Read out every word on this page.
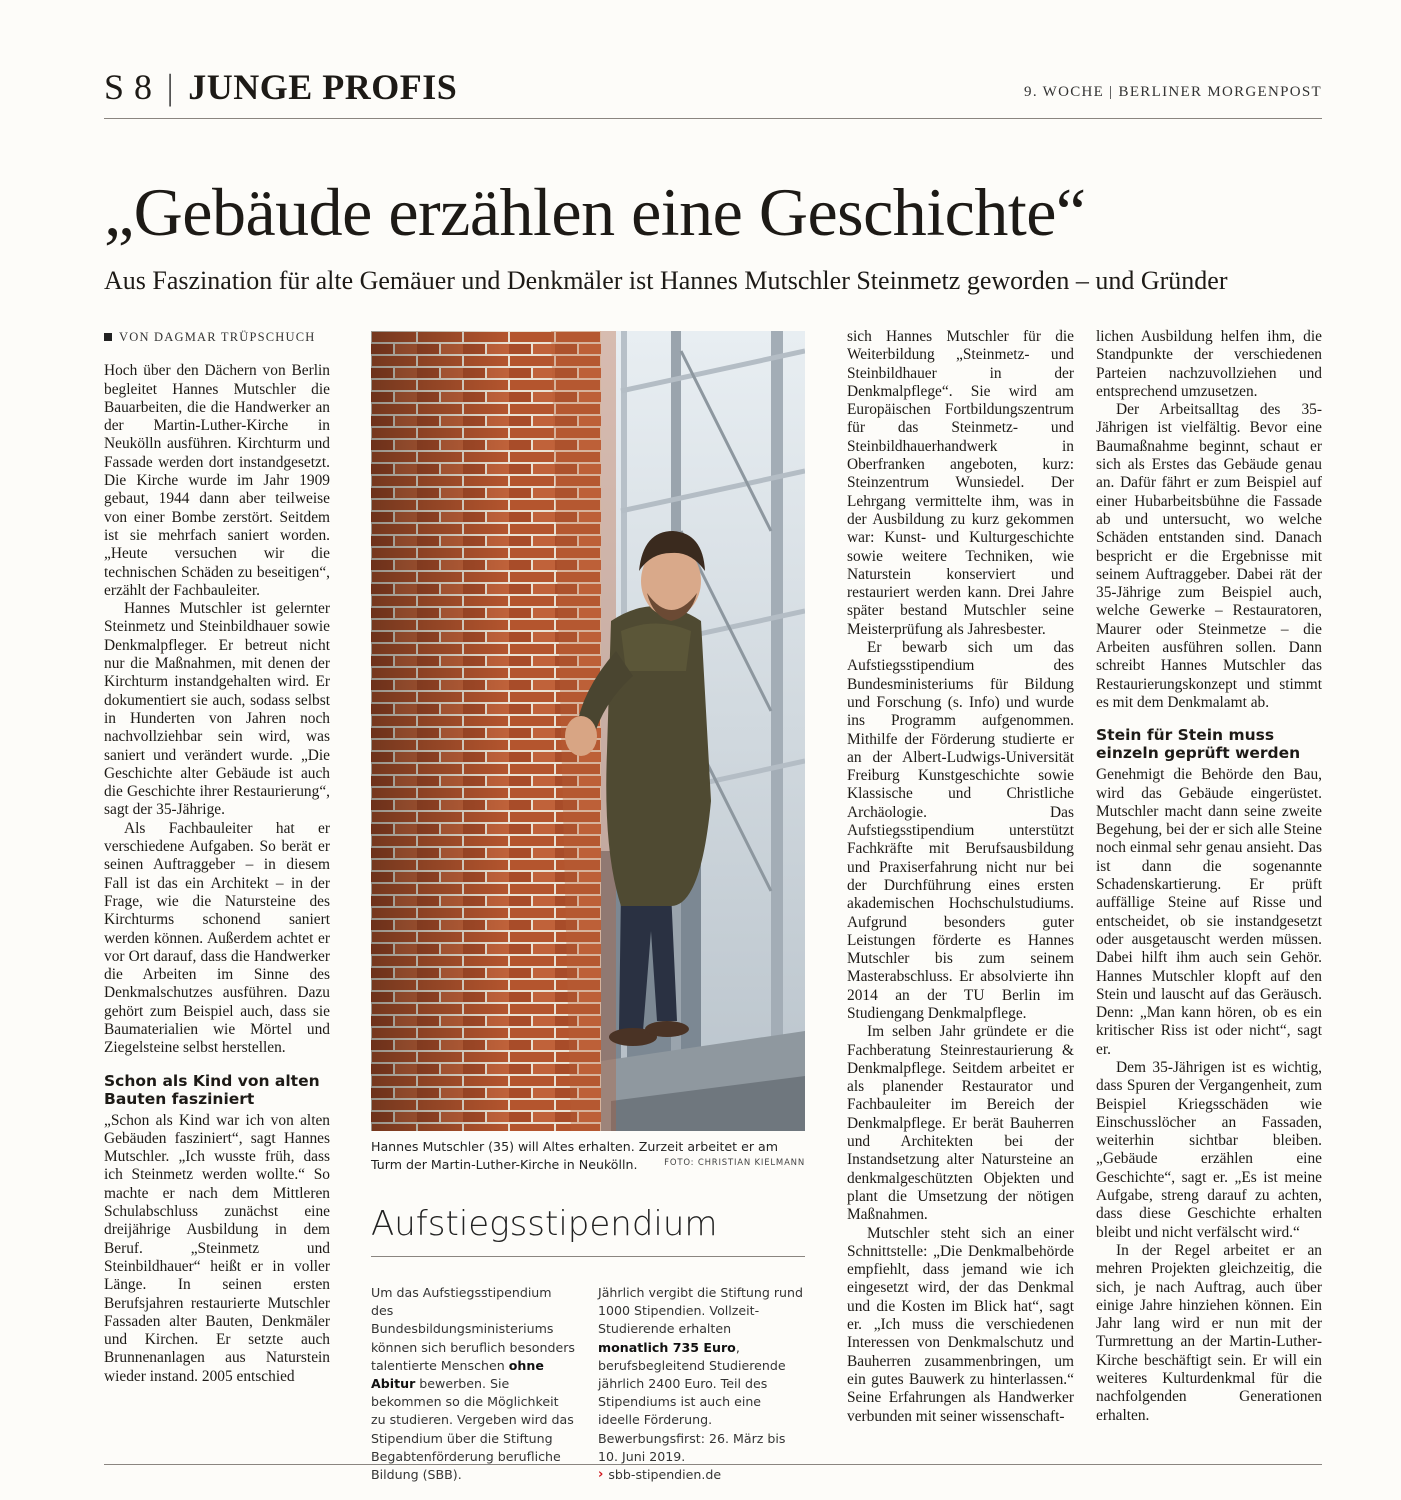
S 8 | JUNGE PROFIS	9. WOCHE | BERLINER MORGENPOST
„Gebäude erzählen eine Geschichte“
Aus Faszination für alte Gemäuer und Denkmäler ist Hannes Mutschler Steinmetz geworden – und Gründer
VON DAGMAR TRÜPSCHUCH

Hoch über den Dächern von Berlin begleitet Hannes Mutschler die Bauarbeiten, die die Handwerker an der Martin-Luther-Kirche in Neukölln ausführen. Kirchturm und Fassade werden dort instandgesetzt. Die Kirche wurde im Jahr 1909 gebaut, 1944 dann aber teilweise von einer Bombe zerstört. Seitdem ist sie mehrfach saniert worden. „Heute versuchen wir die technischen Schäden zu beseitigen“, erzählt der Fachbauleiter.

Hannes Mutschler ist gelernter Steinmetz und Steinbildhauer sowie Denkmalpfleger. Er betreut nicht nur die Maßnahmen, mit denen der Kirchturm instandgehalten wird. Er dokumentiert sie auch, sodass selbst in Hunderten von Jahren noch nachvollziehbar sein wird, was saniert und verändert wurde. „Die Geschichte alter Gebäude ist auch die Geschichte ihrer Restaurierung“, sagt der 35-Jährige.

Als Fachbauleiter hat er verschiedene Aufgaben. So berät er seinen Auftraggeber – in diesem Fall ist das ein Architekt – in der Frage, wie die Natursteine des Kirchturms schonend saniert werden können. Außerdem achtet er vor Ort darauf, dass die Handwerker die Arbeiten im Sinne des Denkmalschutzes ausführen. Dazu gehört zum Beispiel auch, dass sie Baumaterialien wie Mörtel und Ziegelsteine selbst herstellen.

Schon als Kind von alten Bauten fasziniert

„Schon als Kind war ich von alten Gebäuden fasziniert“, sagt Hannes Mutschler. „Ich wusste früh, dass ich Steinmetz werden wollte.“ So machte er nach dem Mittleren Schulabschluss zunächst eine dreijährige Ausbildung in dem Beruf. „Steinmetz und Steinbildhauer“ heißt er in voller Länge. In seinen ersten Berufsjahren restaurierte Mutschler Fassaden alter Bauten, Denkmäler und Kirchen. Er setzte auch Brunnenanlagen aus Naturstein wieder instand. 2005 entschied

Hannes Mutschler (35) will Altes erhalten. Zurzeit arbeitet er am Turm der Martin-Luther-Kirche in Neukölln.	FOTO: CHRISTIAN KIELMANN
Aufstiegsstipendium
Um das Aufstiegsstipendium des Bundesbildungsministeriums können sich beruflich besonders talentierte Menschen ohne Abitur bewerben. Sie bekommen so die Möglichkeit zu studieren. Vergeben wird das Stipendium über die Stiftung Begabtenförderung berufliche Bildung (SBB).
Jährlich vergibt die Stiftung rund 1000 Stipendien. Vollzeit-Studierende erhalten monatlich 735 Euro, berufsbegleitend Studierende jährlich 2400 Euro. Teil des Stipendiums ist auch eine ideelle Förderung. Bewerbungsfirst: 26. März bis 10. Juni 2019.
› sbb-stipendien.de

sich Hannes Mutschler für die Weiterbildung „Steinmetz- und Steinbildhauer in der Denkmalpflege“. Sie wird am Europäischen Fortbildungszentrum für das Steinmetz- und Steinbildhauerhandwerk in Oberfranken angeboten, kurz: Steinzentrum Wunsiedel. Der Lehrgang vermittelte ihm, was in der Ausbildung zu kurz gekommen war: Kunst- und Kulturgeschichte sowie weitere Techniken, wie Naturstein konserviert und restauriert werden kann. Drei Jahre später bestand Mutschler seine Meisterprüfung als Jahresbester.

Er bewarb sich um das Aufstiegsstipendium des Bundesministeriums für Bildung und Forschung (s. Info) und wurde ins Programm aufgenommen. Mithilfe der Förderung studierte er an der Albert-Ludwigs-Universität Freiburg Kunstgeschichte sowie Klassische und Christliche Archäologie. Das Aufstiegsstipendium unterstützt Fachkräfte mit Berufsausbildung und Praxiserfahrung nicht nur bei der Durchführung eines ersten akademischen Hochschulstudiums. Aufgrund besonders guter Leistungen förderte es Hannes Mutschler bis zum seinem Masterabschluss. Er absolvierte ihn 2014 an der TU Berlin im Studiengang Denkmalpflege.

Im selben Jahr gründete er die Fachberatung Steinrestaurierung & Denkmalpflege. Seitdem arbeitet er als planender Restaurator und Fachbauleiter im Bereich der Denkmalpflege. Er berät Bauherren und Architekten bei der Instandsetzung alter Natursteine an denkmalgeschützten Objekten und plant die Umsetzung der nötigen Maßnahmen.

Mutschler steht sich an einer Schnittstelle: „Die Denkmalbehörde empfiehlt, dass jemand wie ich eingesetzt wird, der das Denkmal und die Kosten im Blick hat“, sagt er. „Ich muss die verschiedenen Interessen von Denkmalschutz und Bauherren zusammenbringen, um ein gutes Bauwerk zu hinterlassen.“ Seine Erfahrungen als Handwerker verbunden mit seiner wissenschaft-

lichen Ausbildung helfen ihm, die Standpunkte der verschiedenen Parteien nachzuvollziehen und entsprechend umzusetzen.

Der Arbeitsalltag des 35-Jährigen ist vielfältig. Bevor eine Baumaßnahme beginnt, schaut er sich als Erstes das Gebäude genau an. Dafür fährt er zum Beispiel auf einer Hubarbeitsbühne die Fassade ab und untersucht, wo welche Schäden entstanden sind. Danach bespricht er die Ergebnisse mit seinem Auftraggeber. Dabei rät der 35-Jährige zum Beispiel auch, welche Gewerke – Restauratoren, Maurer oder Steinmetze – die Arbeiten ausführen sollen. Dann schreibt Hannes Mutschler das Restaurierungskonzept und stimmt es mit dem Denkmalamt ab.

Stein für Stein muss einzeln geprüft werden

Genehmigt die Behörde den Bau, wird das Gebäude eingerüstet. Mutschler macht dann seine zweite Begehung, bei der er sich alle Steine noch einmal sehr genau ansieht. Das ist dann die sogenannte Schadenskartierung. Er prüft auffällige Steine auf Risse und entscheidet, ob sie instandgesetzt oder ausgetauscht werden müssen. Dabei hilft ihm auch sein Gehör. Hannes Mutschler klopft auf den Stein und lauscht auf das Geräusch. Denn: „Man kann hören, ob es ein kritischer Riss ist oder nicht“, sagt er.

Dem 35-Jährigen ist es wichtig, dass Spuren der Vergangenheit, zum Beispiel Kriegsschäden wie Einschusslöcher an Fassaden, weiterhin sichtbar bleiben. „Gebäude erzählen eine Geschichte“, sagt er. „Es ist meine Aufgabe, streng darauf zu achten, dass diese Geschichte erhalten bleibt und nicht verfälscht wird.“

In der Regel arbeitet er an mehren Projekten gleichzeitig, die sich, je nach Auftrag, auch über einige Jahre hinziehen können. Ein Jahr lang wird er nun mit der Turmrettung an der Martin-Luther-Kirche beschäftigt sein. Er will ein weiteres Kulturdenkmal für die nachfolgenden Generationen erhalten.
